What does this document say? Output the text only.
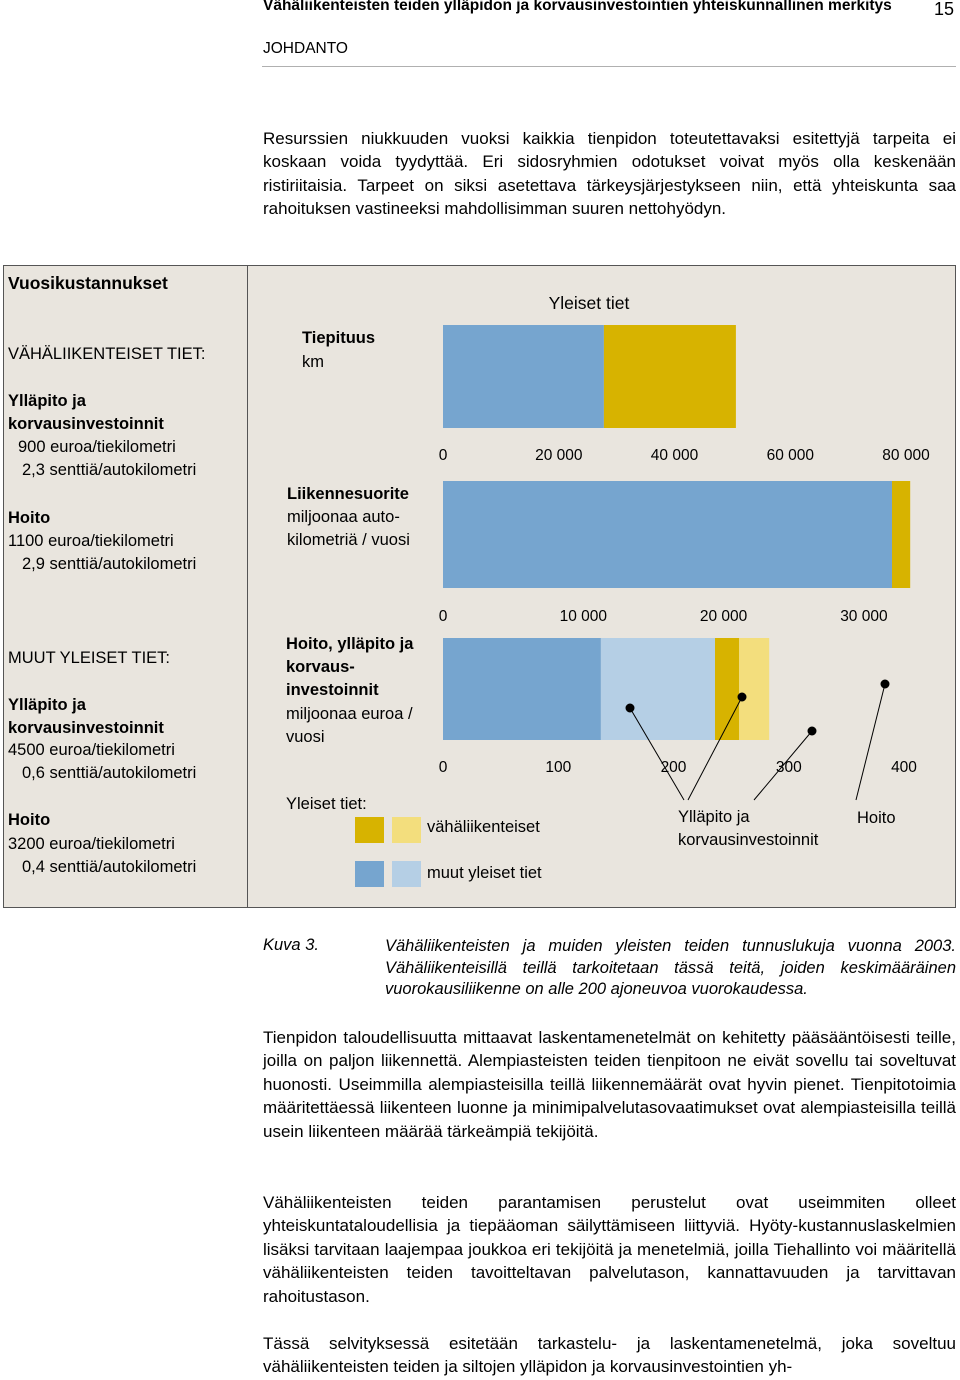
Vähäliikenteisten teiden ylläpidon ja korvausinvestointien yhteiskunnallinen merkitys
JOHDANTO
15
Resurssien niukkuuden vuoksi kaikkia tienpidon toteutettavaksi esitettyjä tarpeita ei koskaan voida tyydyttää. Eri sidosryhmien odotukset voivat myös olla keskenään ristiriitaisia. Tarpeet on siksi asetettava tärkeysjärjestykseen niin, että yhteiskunta saa rahoituksen vastineeksi mahdollisimman suuren nettohyödyn.
Vuosikustannukset
VÄHÄLIIKENTEISET TIET:
Ylläpito ja korvausinvestoinnit
900 euroa/tiekilometri
2,3 senttiä/autokilometri
Hoito
1100 euroa/tiekilometri
2,9 senttiä/autokilometri
MUUT YLEISET TIET:
Ylläpito ja korvausinvestoinnit
4500 euroa/tiekilometri
0,6 senttiä/autokilometri
Hoito
3200 euroa/tiekilometri
0,4 senttiä/autokilometri
Tiepituus
km
Liikennesuorite
miljoonaa auto-
kilometriä / vuosi
Hoito, ylläpito ja
korvaus-
investoinnit
miljoonaa euroa /
vuosi
Yleiset tiet:
vähäliikenteiset
muut yleiset tiet
Ylläpito ja
korvausinvestoinnit
Hoito
Yleiset tiet
0	20 000	40 000	60 000	80 000
0	10 000	20 000	30 000
0	100	200	300	400
Kuva 3.	Vähäliikenteisten ja muiden yleisten teiden tunnuslukuja vuonna 2003. Vähäliikenteisillä teillä tarkoitetaan tässä teitä, joiden keskimääräinen vuorokausiliikenne on alle 200 ajoneuvoa vuorokaudessa.
Tienpidon taloudellisuutta mittaavat laskentamenetelmät on kehitetty pääsääntöisesti teille, joilla on paljon liikennettä. Alempiasteisten teiden tienpitoon ne eivät sovellu tai soveltuvat huonosti. Useimmilla alempiasteisilla teillä liikennemäärät ovat hyvin pienet. Tienpitotoimia määritettäessä liikenteen luonne ja minimipalvelutasovaatimukset ovat alempiasteisilla teillä usein liikenteen määrää tärkeämpiä tekijöitä.
Vähäliikenteisten teiden parantamisen perustelut ovat useimmiten olleet yhteiskuntataloudellisia ja tiepääoman säilyttämiseen liittyviä. Hyöty-kustannuslaskelmien lisäksi tarvitaan laajempaa joukkoa eri tekijöitä ja menetelmiä, joilla Tiehallinto voi määritellä vähäliikenteisten teiden tavoitteltavan palvelutason, kannattavuuden ja tarvittavan rahoitustason.
Tässä selvityksessä esitetään tarkastelu- ja laskentamenetelmä, joka soveltuu vähäliikenteisten teiden ja siltojen ylläpidon ja korvausinvestointien yh-
